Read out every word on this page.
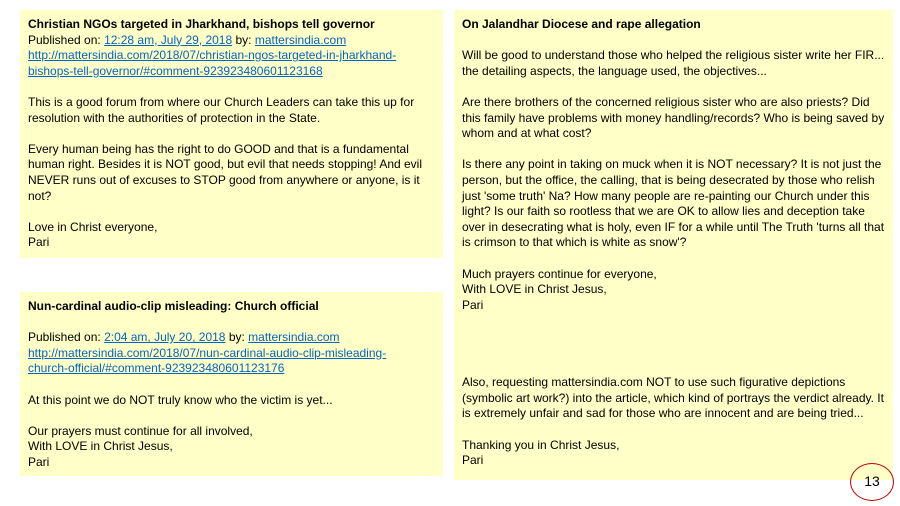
Christian NGOs targeted in Jharkhand, bishops tell governor

Published on: 12:28 am, July 29, 2018 by: mattersindia.com

http://mattersindia.com/2018/07/christian-ngos-targeted-in-jharkhand-
bishops-tell-governor/#comment-923923480601123168

This is a good forum from where our Church Leaders can take this up for resolution with the authorities of protection in the State.

Every human being has the right to do GOOD and that is a fundamental human right. Besides it is NOT good, but evil that needs stopping! And evil NEVER runs out of excuses to STOP good from anywhere or anyone, is it not?

Love in Christ everyone,

Pari

Nun-cardinal audio-clip misleading: Church official

Published on: 2:04 am, July 20, 2018 by: mattersindia.com

http://mattersindia.com/2018/07/nun-cardinal-audio-clip-misleading-
church-official/#comment-923923480601123176

At this point we do NOT truly know who the victim is yet...

Our prayers must continue for all involved,

With LOVE in Christ Jesus,

Pari

On Jalandhar Diocese and rape allegation

Will be good to understand those who helped the religious sister write her FIR... the detailing aspects, the language used, the objectives...

Are there brothers of the concerned religious sister who are also priests? Did this family have problems with money handling/records? Who is being saved by whom and at what cost?

Is there any point in taking on muck when it is NOT necessary? It is not just the person, but the office, the calling, that is being desecrated by those who relish just 'some truth' Na? How many people are re-painting our Church under this light? Is our faith so rootless that we are OK to allow lies and deception take over in desecrating what is holy, even IF for a while until The Truth 'turns all that is crimson to that which is white as snow'?

Much prayers continue for everyone,

With LOVE in Christ Jesus,

Pari

Also, requesting mattersindia.com NOT to use such figurative depictions (symbolic art work?) into the article, which kind of portrays the verdict already. It is extremely unfair and sad for those who are innocent and are being tried...

Thanking you in Christ Jesus,

Pari

13
